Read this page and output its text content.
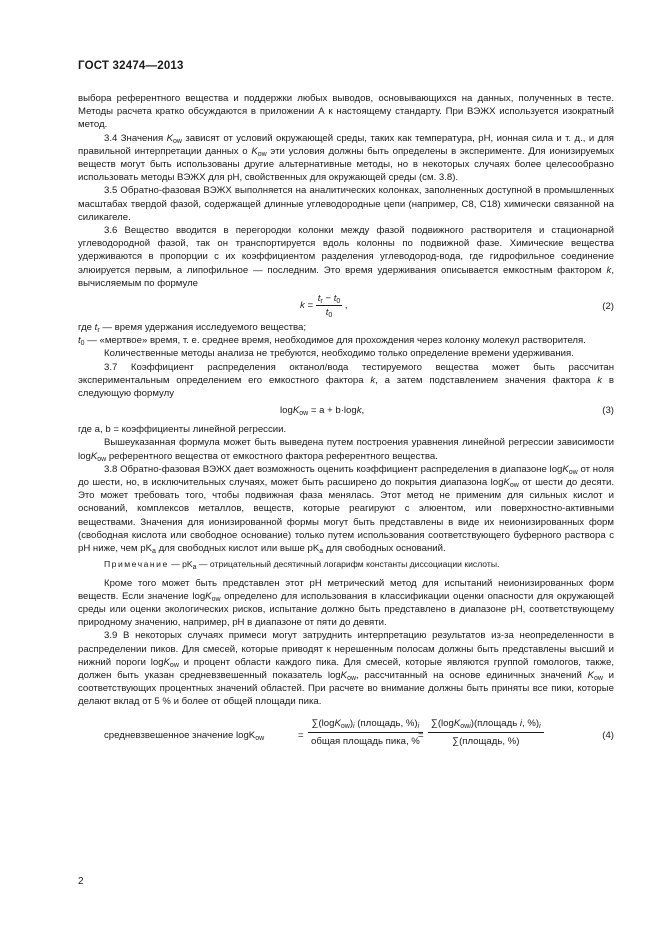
ГОСТ 32474—2013

выбора референтного вещества и поддержки любых выводов, основывающихся на данных, полученных в тесте. Методы расчета кратко обсуждаются в приложении А к настоящему стандарту. При ВЭЖХ используется изократный метод.

3.4 Значения $K_{ow}$ зависят от условий окружающей среды, таких как температура, рН, ионная сила и т. д., и для правильной интерпретации данных о $K_{ow}$ эти условия должны быть определены в эксперименте. Для ионизируемых веществ могут быть использованы другие альтернативные методы, но в некоторых случаях более целесообразно использовать методы ВЭЖХ для рН, свойственных для окружающей среды (см. 3.8).

3.5 Обратно-фазовая ВЭЖХ выполняется на аналитических колонках, заполненных доступной в промышленных масштабах твердой фазой, содержащей длинные углеводородные цепи (например, С8, С18) химически связанной на силикагеле.

3.6 Вещество вводится в перегородки колонки между фазой подвижного растворителя и стационарной углеводородной фазой, так он транспортируется вдоль колонны по подвижной фазе. Химические вещества удерживаются в пропорции с их коэффициентом разделения углеводород-вода, где гидрофильное соединение элюируется первым, а липофильное — последним. Это время удерживания описывается емкостным фактором k, вычисляемым по формуле

$k = \frac{t_r - t_0}{t_0}$ ,	(2)

где $t_r$ — время удержания исследуемого вещества;

$t_0$ — «мертвое» время, т. е. среднее время, необходимое для прохождения через колонку молекул растворителя.

Количественные методы анализа не требуются, необходимо только определение времени удерживания.

3.7 Коэффициент распределения октанол/вода тестируемого вещества может быть рассчитан экспериментальным определением его емкостного фактора k, а затем подставлением значения фактора k в следующую формулу

logK$_{ow}$ = a + b·logk,	(3)

где a, b = коэффициенты линейной регрессии.

Вышеуказанная формула может быть выведена путем построения уравнения линейной регрессии зависимости logK$_{ow}$ референтного вещества от емкостного фактора референтного вещества.

3.8 Обратно-фазовая ВЭЖХ дает возможность оценить коэффициент распределения в диапазоне logK$_{ow}$ от ноля до шести, но, в исключительных случаях, может быть расширено до покрытия диапазона logK$_{ow}$ от шести до десяти. Это может требовать того, чтобы подвижная фаза менялась. Этот метод не применим для сильных кислот и оснований, комплексов металлов, веществ, которые реагируют с элюентом, или поверхностно-активными веществами. Значения для ионизированной формы могут быть представлены в виде их неионизированных форм (свободная кислота или свободное основание) только путем использования соответствующего буферного раствора с рН ниже, чем $рK_a$ для свободных кислот или выше $рK_a$ для свободных оснований.

Примечание — $рK_a$ — отрицательный десятичный логарифм константы диссоциации кислоты.

Кроме того может быть представлен этот рН метрический метод для испытаний неионизированных форм веществ. Если значение logK$_{ow}$ определено для использования в классификации оценки опасности для окружающей среды или оценки экологических рисков, испытание должно быть представлено в диапазоне рН, соответствующему природному значению, например, рН в диапазоне от пяти до девяти.

3.9 В некоторых случаях примеси могут затруднить интерпретацию результатов из-за неопределенности в распределении пиков. Для смесей, которые приводят к нерешенным полосам должны быть представлены высший и нижний пороги logK$_{ow}$ и процент области каждого пика. Для смесей, которые являются группой гомологов, также, должен быть указан средневзвешенный показатель logK$_{ow}$, рассчитанный на основе единичных значений $K_{ow}$ и соответствующих процентных значений областей. При расчете во внимание должны быть приняты все пики, которые делают вклад от 5 % и более от общей площади пика.

средневзвешенное значение logK$_{ow}$	=
$\sum(\log K_{ow})_i$ (площадь, $\%)_i$
общая площадь пика, %
=
∑(logK$_{owi}$)(площадь i, $\%)_i$
∑(площадь, %)
(4)
2
